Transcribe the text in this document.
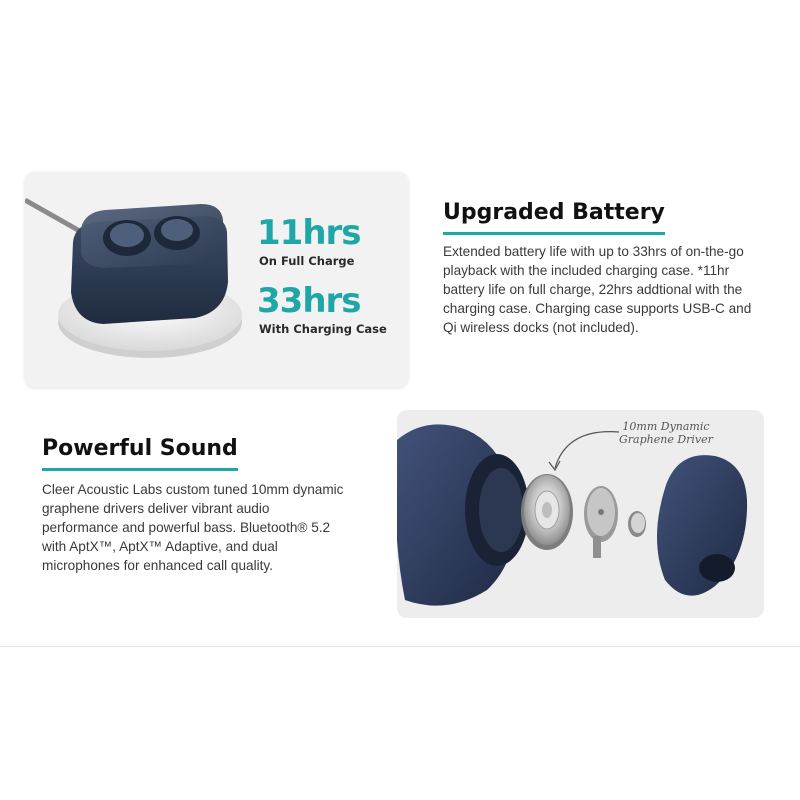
11hrs
On Full Charge
33hrs
With Charging Case
Upgraded Battery

Extended battery life with up to 33hrs of on-the-go playback with the included charging case. *11hr battery life on full charge, 22hrs addtional with the charging case. Charging case supports USB-C and Qi wireless docks (not included).

Powerful Sound

Cleer Acoustic Labs custom tuned 10mm dynamic graphene drivers deliver vibrant audio performance and powerful bass. Bluetooth® 5.2 with AptX™, AptX™ Adaptive, and dual microphones for enhanced call quality.

10mm Dynamic
Graphene Driver
